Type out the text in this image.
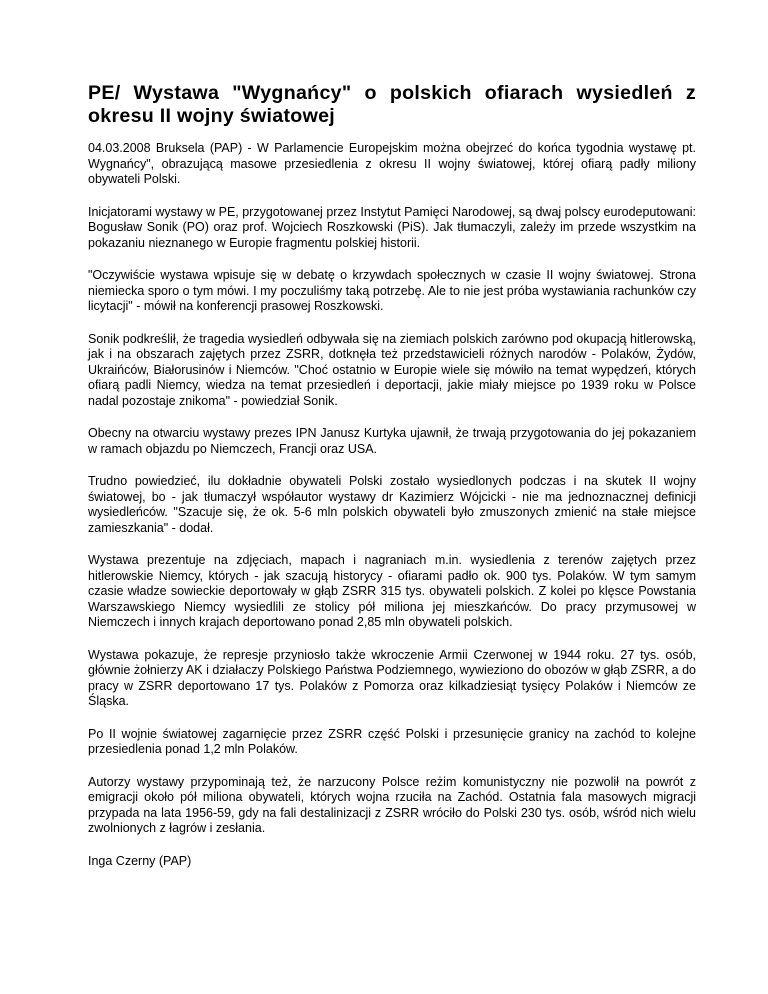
PE/ Wystawa "Wygnańcy" o polskich ofiarach wysiedleń z okresu II wojny światowej

04.03.2008 Bruksela (PAP) - W Parlamencie Europejskim można obejrzeć do końca tygodnia wystawę pt. Wygnańcy", obrazującą masowe przesiedlenia z okresu II wojny światowej, której ofiarą padły miliony obywateli Polski.

Inicjatorami wystawy w PE, przygotowanej przez Instytut Pamięci Narodowej, są dwaj polscy eurodeputowani: Bogusław Sonik (PO) oraz prof. Wojciech Roszkowski (PiS). Jak tłumaczyli, zależy im przede wszystkim na pokazaniu nieznanego w Europie fragmentu polskiej historii.

"Oczywiście wystawa wpisuje się w debatę o krzywdach społecznych w czasie II wojny światowej. Strona niemiecka sporo o tym mówi. I my poczuliśmy taką potrzebę. Ale to nie jest próba wystawiania rachunków czy licytacji" - mówił na konferencji prasowej Roszkowski.

Sonik podkreślił, że tragedia wysiedleń odbywała się na ziemiach polskich zarówno pod okupacją hitlerowską, jak i na obszarach zajętych przez ZSRR, dotknęła też przedstawicieli różnych narodów - Polaków, Żydów, Ukraińców, Białorusinów i Niemców. "Choć ostatnio w Europie wiele się mówiło na temat wypędzeń, których ofiarą padli Niemcy, wiedza na temat przesiedleń i deportacji, jakie miały miejsce po 1939 roku w Polsce nadal pozostaje znikoma" - powiedział Sonik.

Obecny na otwarciu wystawy prezes IPN Janusz Kurtyka ujawnił, że trwają przygotowania do jej pokazaniem w ramach objazdu po Niemczech, Francji oraz USA.

Trudno powiedzieć, ilu dokładnie obywateli Polski zostało wysiedlonych podczas i na skutek II wojny światowej, bo - jak tłumaczył współautor wystawy dr Kazimierz Wójcicki - nie ma jednoznacznej definicji wysiedleńców. "Szacuje się, że ok. 5-6 mln polskich obywateli było zmuszonych zmienić na stałe miejsce zamieszkania" - dodał.

Wystawa prezentuje na zdjęciach, mapach i nagraniach m.in. wysiedlenia z terenów zajętych przez hitlerowskie Niemcy, których - jak szacują historycy - ofiarami padło ok. 900 tys. Polaków. W tym samym czasie władze sowieckie deportowały w głąb ZSRR 315 tys. obywateli polskich. Z kolei po klęsce Powstania Warszawskiego Niemcy wysiedlili ze stolicy pół miliona jej mieszkańców. Do pracy przymusowej w Niemczech i innych krajach deportowano ponad 2,85 mln obywateli polskich.

Wystawa pokazuje, że represje przyniosło także wkroczenie Armii Czerwonej w 1944 roku. 27 tys. osób, głównie żołnierzy AK i działaczy Polskiego Państwa Podziemnego, wywieziono do obozów w głąb ZSRR, a do pracy w ZSRR deportowano 17 tys. Polaków z Pomorza oraz kilkadziesiąt tysięcy Polaków i Niemców ze Śląska.

Po II wojnie światowej zagarnięcie przez ZSRR część Polski i przesunięcie granicy na zachód to kolejne przesiedlenia ponad 1,2 mln Polaków.

Autorzy wystawy przypominają też, że narzucony Polsce reżim komunistyczny nie pozwolił na powrót z emigracji około pół miliona obywateli, których wojna rzuciła na Zachód. Ostatnia fala masowych migracji przypada na lata 1956-59, gdy na fali destalinizacji z ZSRR wróciło do Polski 230 tys. osób, wśród nich wielu zwolnionych z łagrów i zesłania.

Inga Czerny (PAP)
